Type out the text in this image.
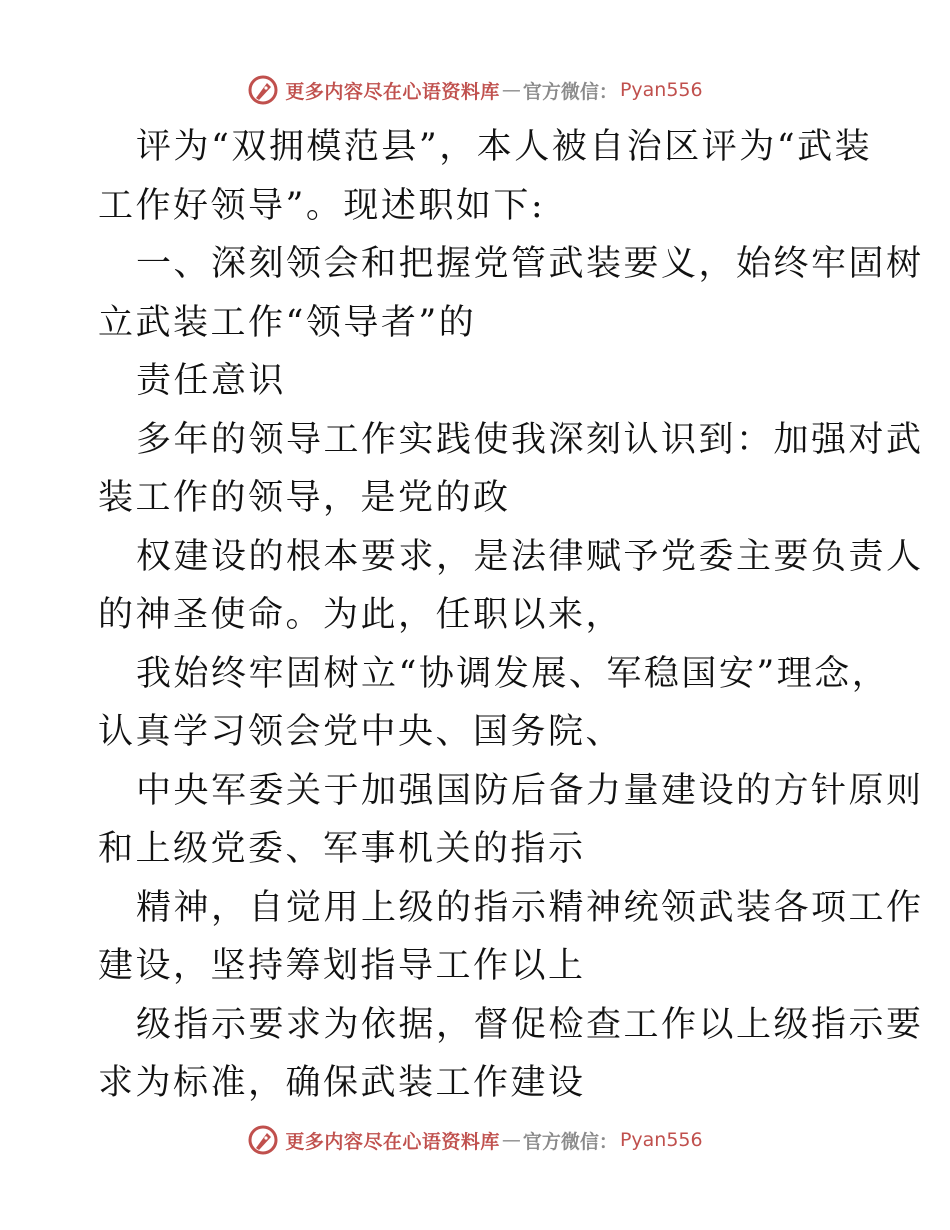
更多内容尽在心语资料库 — 官方微信： Pyan556
评为“双拥模范县”，本人被自治区评为“武装
工作好领导”。现述职如下:
一、深刻领会和把握党管武装要义，始终牢固树
立武装工作“领导者”的
责任意识
多年的领导工作实践使我深刻认识到：加强对武
装工作的领导，是党的政
权建设的根本要求，是法律赋予党委主要负责人
的神圣使命。为此，任职以来，
我始终牢固树立“协调发展、军稳国安”理念，
认真学习领会党中央、国务院、
中央军委关于加强国防后备力量建设的方针原则
和上级党委、军事机关的指示
精神，自觉用上级的指示精神统领武装各项工作
建设，坚持筹划指导工作以上
级指示要求为依据，督促检查工作以上级指示要
求为标准，确保武装工作建设
更多内容尽在心语资料库 — 官方微信： Pyan556
